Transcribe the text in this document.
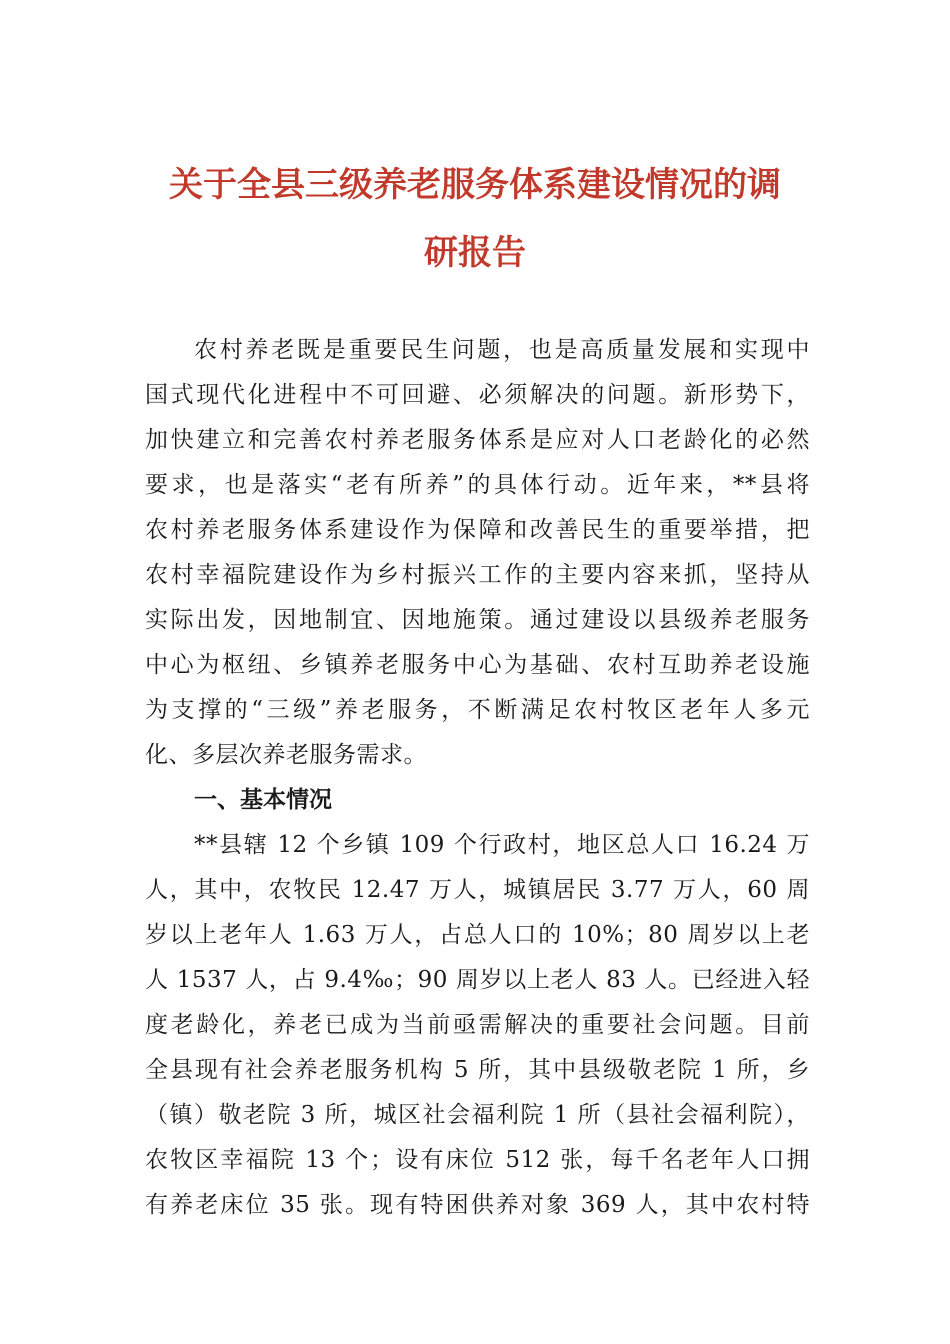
关于全县三级养老服务体系建设情况的调
研报告
农村养老既是重要民生问题，也是高质量发展和实现中
国式现代化进程中不可回避、必须解决的问题。新形势下，
加快建立和完善农村养老服务体系是应对人口老龄化的必然
要求，也是落实“老有所养”的具体行动。近年来，**县将
农村养老服务体系建设作为保障和改善民生的重要举措，把
农村幸福院建设作为乡村振兴工作的主要内容来抓，坚持从
实际出发，因地制宜、因地施策。通过建设以县级养老服务
中心为枢纽、乡镇养老服务中心为基础、农村互助养老设施
为支撑的“三级”养老服务，不断满足农村牧区老年人多元
化、多层次养老服务需求。
一、基本情况
**县辖 12 个乡镇 109 个行政村，地区总人口 16.24 万
人，其中，农牧民 12.47 万人，城镇居民 3.77 万人，60 周
岁以上老年人 1.63 万人，占总人口的 10%；80 周岁以上老
人 1537 人，占 9.4‰；90 周岁以上老人 83 人。已经进入轻
度老龄化，养老已成为当前亟需解决的重要社会问题。目前
全县现有社会养老服务机构 5 所，其中县级敬老院 1 所，乡
（镇）敬老院 3 所，城区社会福利院 1 所（县社会福利院），
农牧区幸福院 13 个；设有床位 512 张，每千名老年人口拥
有养老床位 35 张。现有特困供养对象 369 人，其中农村特
